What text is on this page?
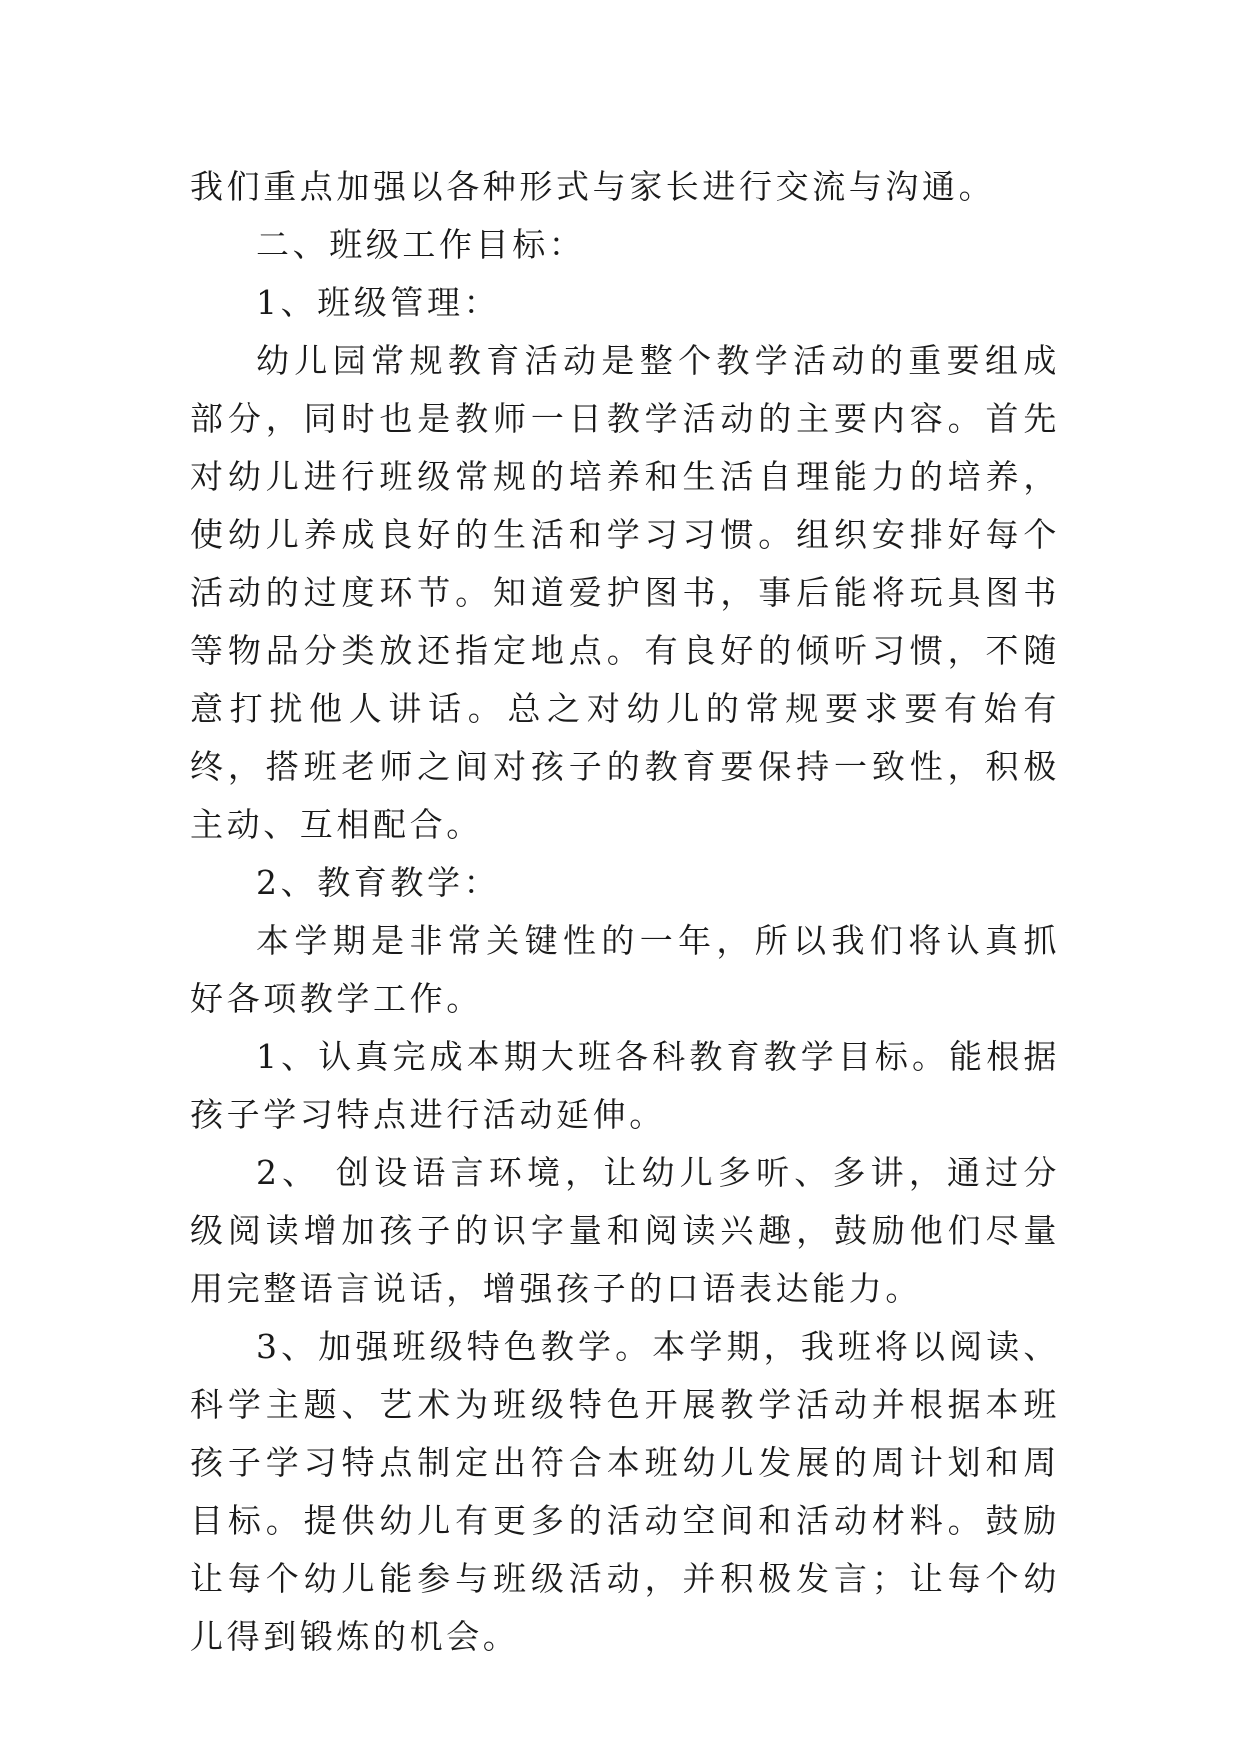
我们重点加强以各种形式与家长进行交流与沟通。

二、班级工作目标：

1、班级管理：

幼儿园常规教育活动是整个教学活动的重要组成部分，同时也是教师一日教学活动的主要内容。首先对幼儿进行班级常规的培养和生活自理能力的培养，使幼儿养成良好的生活和学习习惯。组织安排好每个活动的过度环节。知道爱护图书，事后能将玩具图书等物品分类放还指定地点。有良好的倾听习惯，不随意打扰他人讲话。总之对幼儿的常规要求要有始有终，搭班老师之间对孩子的教育要保持一致性，积极主动、互相配合。

2、教育教学：

本学期是非常关键性的一年，所以我们将认真抓好各项教学工作。

1、认真完成本期大班各科教育教学目标。能根据孩子学习特点进行活动延伸。

2、 创设语言环境，让幼儿多听、多讲，通过分级阅读增加孩子的识字量和阅读兴趣，鼓励他们尽量用完整语言说话，增强孩子的口语表达能力。

3、加强班级特色教学。本学期，我班将以阅读、科学主题、艺术为班级特色开展教学活动并根据本班孩子学习特点制定出符合本班幼儿发展的周计划和周目标。提供幼儿有更多的活动空间和活动材料。鼓励让每个幼儿能参与班级活动，并积极发言；让每个幼儿得到锻炼的机会。
